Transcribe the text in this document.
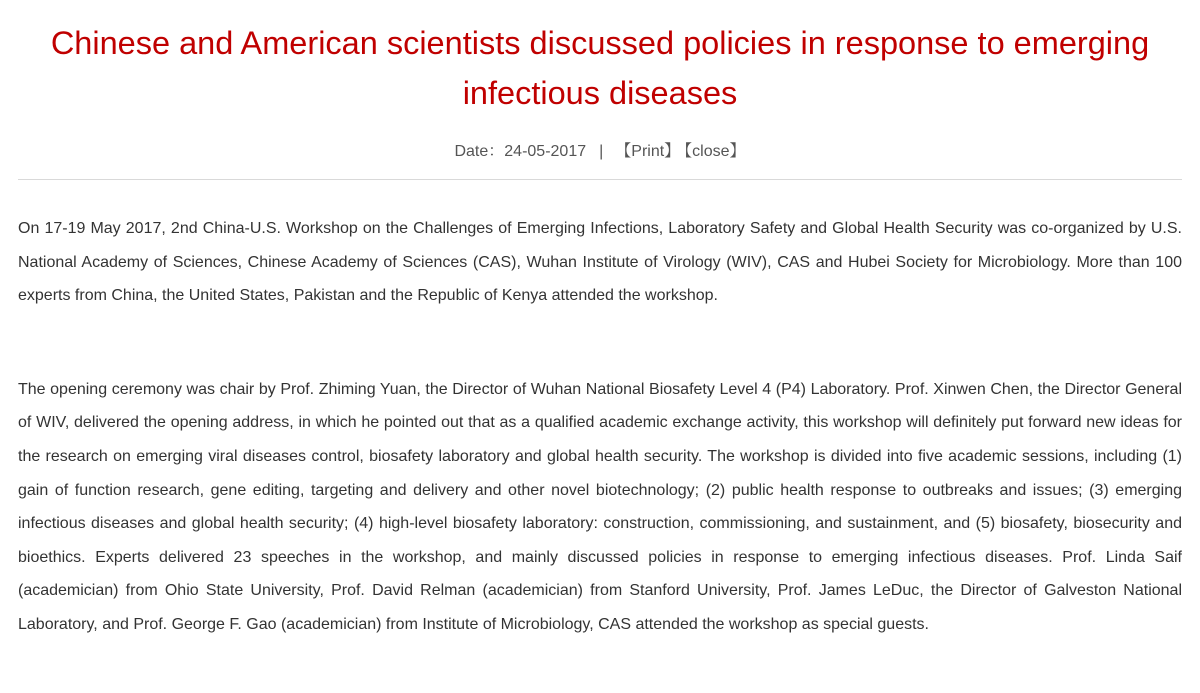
Chinese and American scientists discussed policies in response to emerging infectious diseases
Date：24-05-2017 | 【Print】 【close】

On 17-19 May 2017, 2nd China-U.S. Workshop on the Challenges of Emerging Infections, Laboratory Safety and Global Health Security was co-organized by U.S. National Academy of Sciences, Chinese Academy of Sciences (CAS), Wuhan Institute of Virology (WIV), CAS and Hubei Society for Microbiology. More than 100 experts from China, the United States, Pakistan and the Republic of Kenya attended the workshop.

The opening ceremony was chair by Prof. Zhiming Yuan, the Director of Wuhan National Biosafety Level 4 (P4) Laboratory. Prof. Xinwen Chen, the Director General of WIV, delivered the opening address, in which he pointed out that as a qualified academic exchange activity, this workshop will definitely put forward new ideas for the research on emerging viral diseases control, biosafety laboratory and global health security. The workshop is divided into five academic sessions, including (1) gain of function research, gene editing, targeting and delivery and other novel biotechnology; (2) public health response to outbreaks and issues; (3) emerging infectious diseases and global health security; (4) high-level biosafety laboratory: construction, commissioning, and sustainment, and (5) biosafety, biosecurity and bioethics. Experts delivered 23 speeches in the workshop, and mainly discussed policies in response to emerging infectious diseases. Prof. Linda Saif (academician) from Ohio State University, Prof. David Relman (academician) from Stanford University, Prof. James LeDuc, the Director of Galveston National Laboratory, and Prof. George F. Gao (academician) from Institute of Microbiology, CAS attended the workshop as special guests.
